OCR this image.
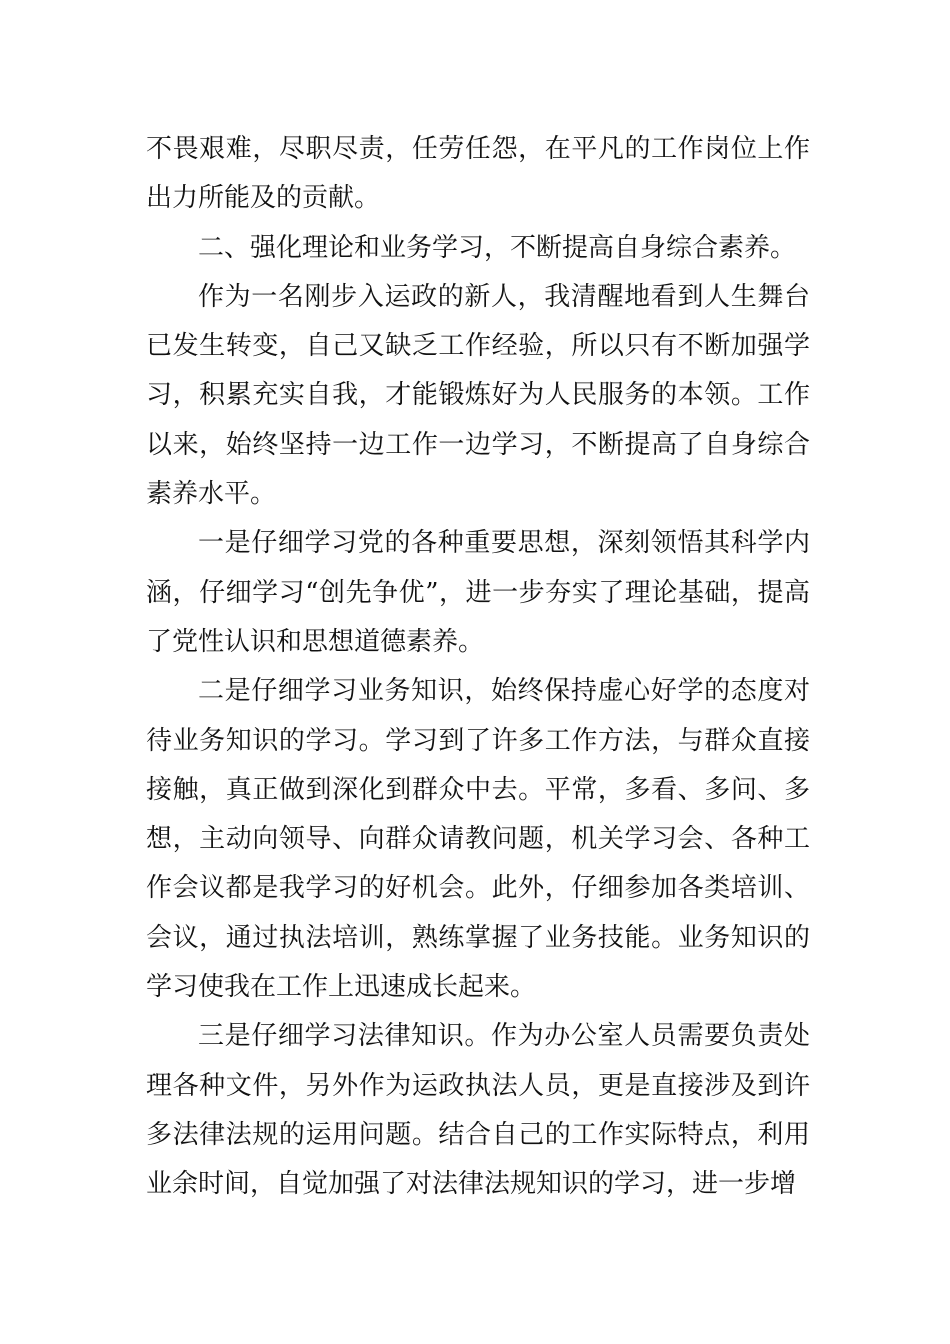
不畏艰难，尽职尽责，任劳任怨，在平凡的工作岗位上作出力所能及的贡献。

二、强化理论和业务学习，不断提高自身综合素养。

作为一名刚步入运政的新人，我清醒地看到人生舞台已发生转变，自己又缺乏工作经验，所以只有不断加强学习，积累充实自我，才能锻炼好为人民服务的本领。工作以来，始终坚持一边工作一边学习，不断提高了自身综合素养水平。

一是仔细学习党的各种重要思想，深刻领悟其科学内涵，仔细学习“创先争优”，进一步夯实了理论基础，提高了党性认识和思想道德素养。

二是仔细学习业务知识，始终保持虚心好学的态度对待业务知识的学习。学习到了许多工作方法，与群众直接接触，真正做到深化到群众中去。平常，多看、多问、多想，主动向领导、向群众请教问题，机关学习会、各种工作会议都是我学习的好机会。此外，仔细参加各类培训、会议，通过执法培训，熟练掌握了业务技能。业务知识的学习使我在工作上迅速成长起来。

三是仔细学习法律知识。作为办公室人员需要负责处理各种文件，另外作为运政执法人员，更是直接涉及到许多法律法规的运用问题。结合自己的工作实际特点，利用业余时间，自觉加强了对法律法规知识的学习，进一步增
